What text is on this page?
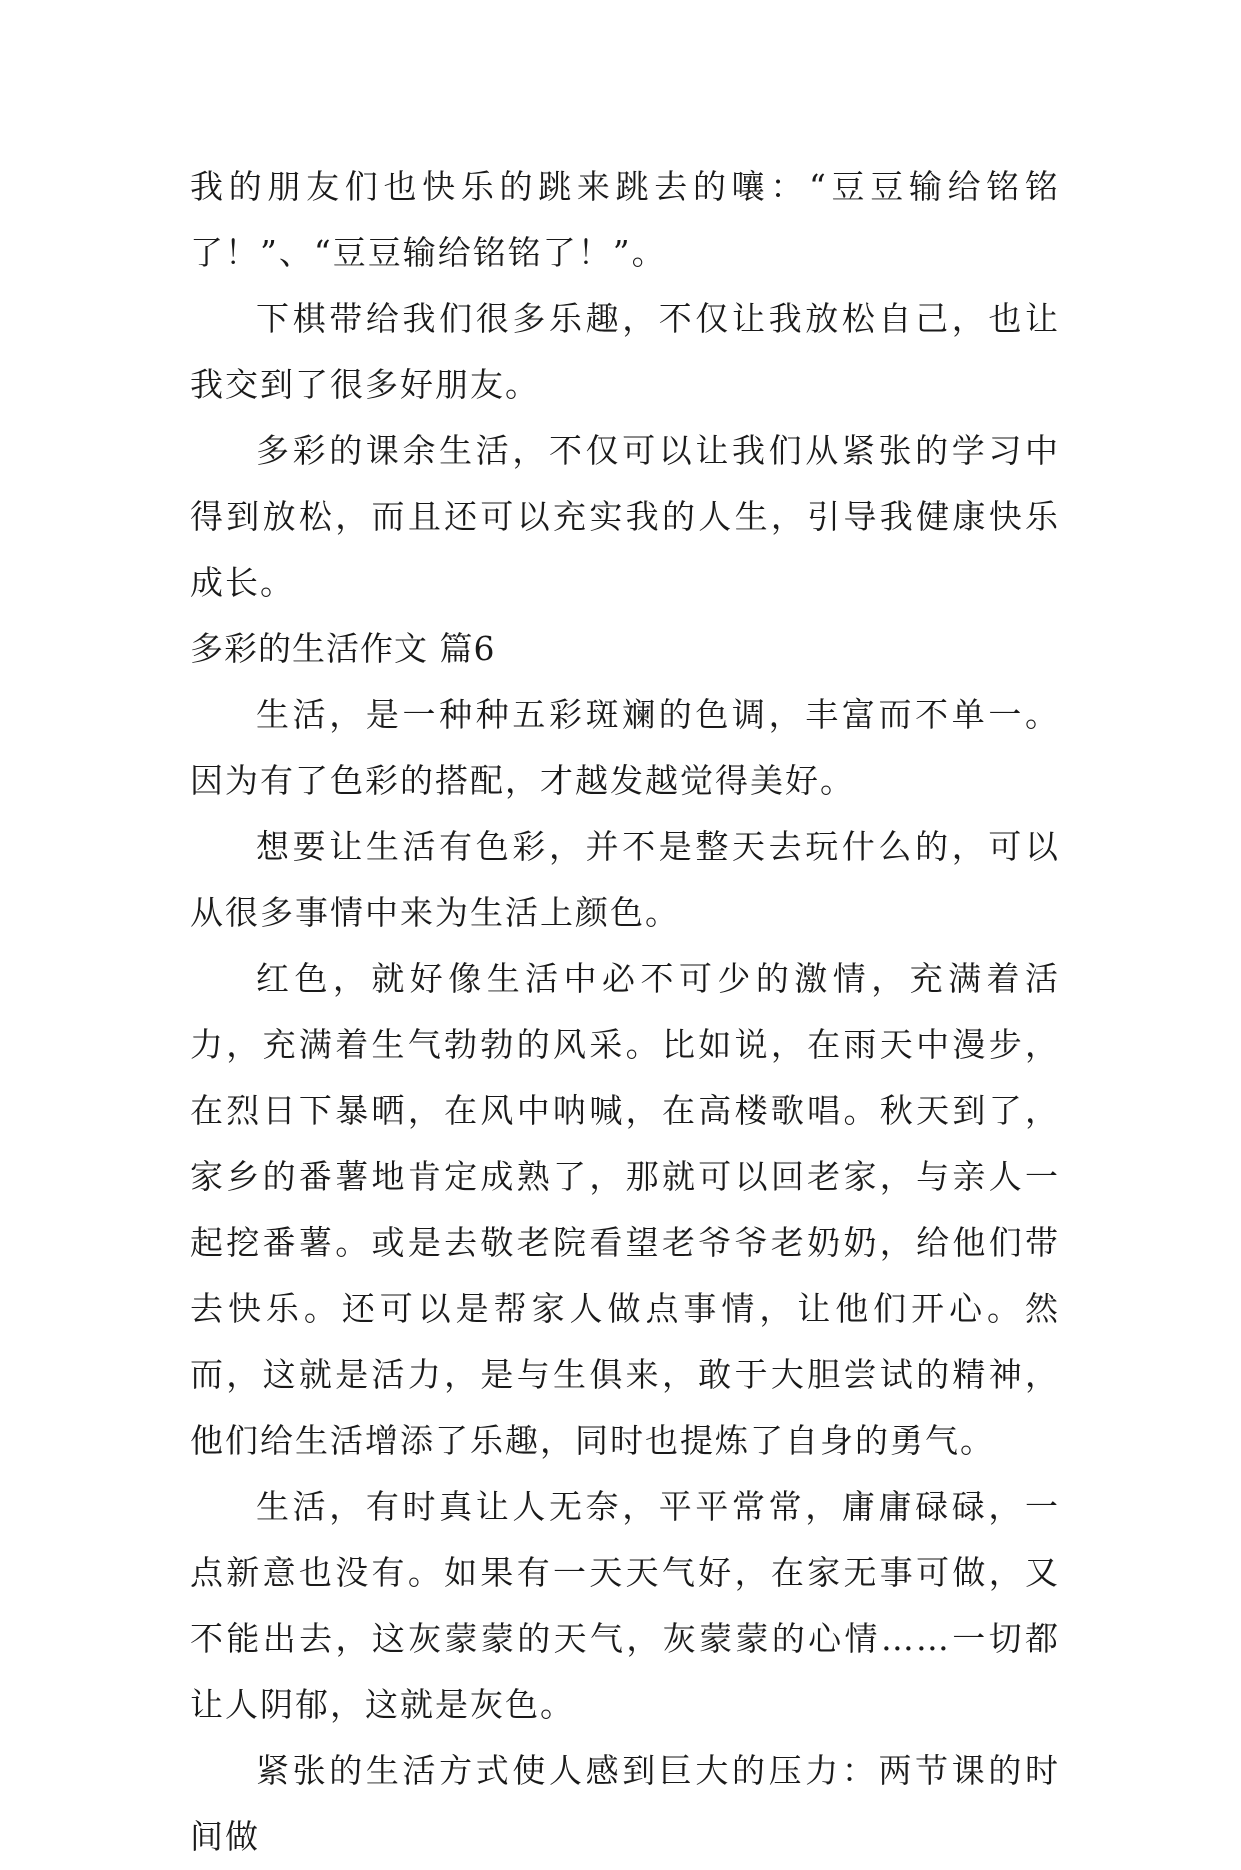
我的朋友们也快乐的跳来跳去的嚷：“豆豆输给铭铭了！”、“豆豆输给铭铭了！”。

下棋带给我们很多乐趣，不仅让我放松自己，也让我交到了很多好朋友。

多彩的课余生活，不仅可以让我们从紧张的学习中得到放松，而且还可以充实我的人生，引导我健康快乐成长。

多彩的生活作文 篇6

生活，是一种种五彩斑斓的色调，丰富而不单一。因为有了色彩的搭配，才越发越觉得美好。

想要让生活有色彩，并不是整天去玩什么的，可以从很多事情中来为生活上颜色。

红色，就好像生活中必不可少的激情，充满着活力，充满着生气勃勃的风采。比如说，在雨天中漫步，在烈日下暴晒，在风中呐喊，在高楼歌唱。秋天到了，家乡的番薯地肯定成熟了，那就可以回老家，与亲人一起挖番薯。或是去敬老院看望老爷爷老奶奶，给他们带去快乐。还可以是帮家人做点事情，让他们开心。然而，这就是活力，是与生俱来，敢于大胆尝试的精神，他们给生活增添了乐趣，同时也提炼了自身的勇气。

生活，有时真让人无奈，平平常常，庸庸碌碌，一点新意也没有。如果有一天天气好，在家无事可做，又不能出去，这灰蒙蒙的天气，灰蒙蒙的心情……一切都让人阴郁，这就是灰色。

紧张的生活方式使人感到巨大的压力：两节课的时间做
